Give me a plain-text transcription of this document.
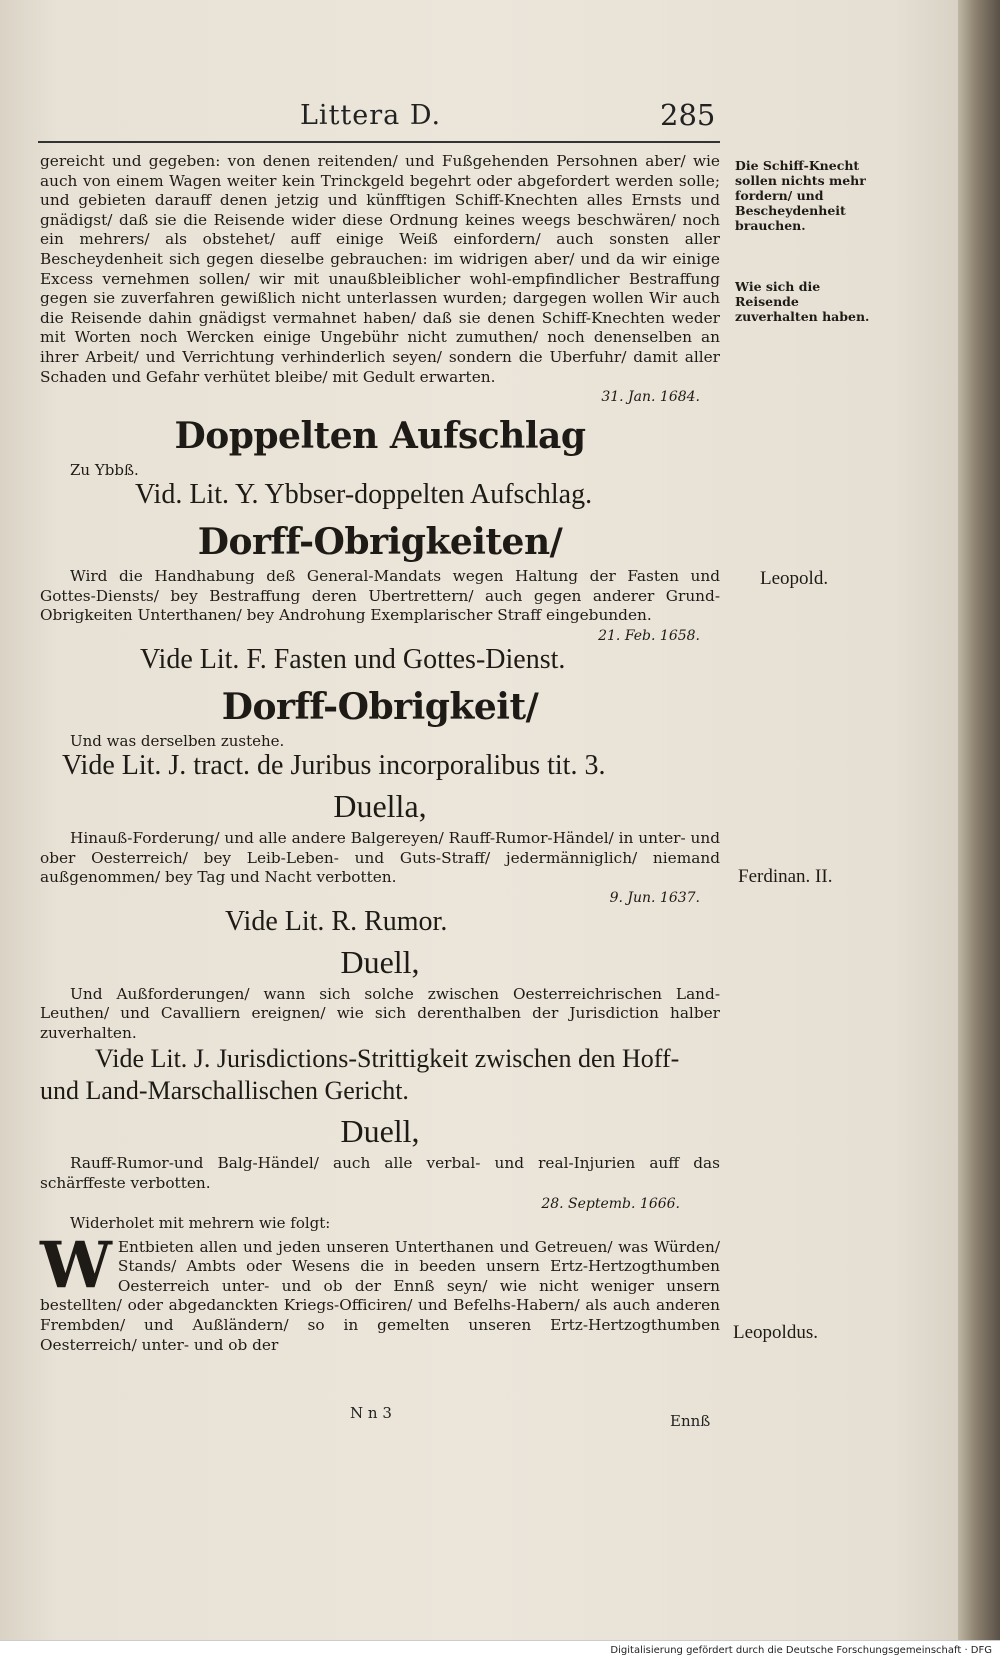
Littera D.	285

gereicht und gegeben: von denen reitenden/ und Fußgehenden Persohnen aber/ wie auch von einem Wagen weiter kein Trinckgeld begehrt oder abgefordert werden solle; und gebieten darauff denen jetzig und künfftigen Schiff-Knechten alles Ernsts und gnädigst/ daß sie die Reisende wider diese Ordnung keines weegs beschwären/ noch ein mehrers/ als obstehet/ auff einige Weiß einfordern/ auch sonsten aller Bescheydenheit sich gegen dieselbe gebrauchen: im widrigen aber/ und da wir einige Excess vernehmen sollen/ wir mit unaußbleiblicher wohl-empfindlicher Bestraffung gegen sie zuverfahren gewißlich nicht unterlassen wurden; dargegen wollen Wir auch die Reisende dahin gnädigst vermahnet haben/ daß sie denen Schiff-Knechten weder mit Worten noch Wercken einige Ungebühr nicht zumuthen/ noch denenselben an ihrer Arbeit/ und Verrichtung verhinderlich seyen/ sondern die Uberfuhr/ damit aller Schaden und Gefahr verhütet bleibe/ mit Gedult erwarten.

31. Jan. 1684.
Doppelten Aufschlag
Zu Ybbß.
Vid. Lit. Y. Ybbser-doppelten Aufschlag.
Dorff-Obrigkeiten/

Wird die Handhabung deß General-Mandats wegen Haltung der Fasten und Gottes-Diensts/ bey Bestraffung deren Ubertrettern/ auch gegen anderer Grund-Obrigkeiten Unterthanen/ bey Androhung Exemplarischer Straff eingebunden.

21. Feb. 1658.
Vide Lit. F. Fasten und Gottes-Dienst.
Dorff-Obrigkeit/
Und was derselben zustehe.
Vide Lit. J. tract. de Juribus incorporalibus tit. 3.
Duella,

Hinauß-Forderung/ und alle andere Balgereyen/ Rauff-Rumor-Händel/ in unter- und ober Oesterreich/ bey Leib-Leben- und Guts-Straff/ jedermänniglich/ niemand außgenommen/ bey Tag und Nacht verbotten.

9. Jun. 1637.
Vide Lit. R. Rumor.
Duell,

Und Außforderungen/ wann sich solche zwischen Oesterreichrischen Land-Leuthen/ und Cavalliern ereignen/ wie sich derenthalben der Jurisdiction halber zuverhalten.

Vide Lit. J. Jurisdictions-Strittigkeit zwischen den Hoff- und Land-Marschallischen Gericht.
Duell,

Rauff-Rumor-und Balg-Händel/ auch alle verbal- und real-Injurien auff das schärffeste verbotten.

28. Septemb. 1666.
Widerholet mit mehrern wie folgt:

W Entbieten allen und jeden unseren Unterthanen und Getreuen/ was Würden/ Stands/ Ambts oder Wesens die in beeden unsern Ertz-Hertzogthumben Oesterreich unter- und ob der Ennß seyn/ wie nicht weniger unsern bestellten/ oder abgedanckten Kriegs-Officiren/ und Befelhs-Habern/ als auch anderen Frembden/ und Außländern/ so in gemelten unseren Ertz-Hertzogthumben Oesterreich/ unter- und ob der

Die Schiff-Knecht sollen nichts mehr fordern/ und Bescheydenheit brauchen.
Wie sich die Reisende zuverhalten haben.
Leopold.
Ferdinan. II.
Leopoldus.
N n 3	Ennß
Digitalisierung gefördert durch die Deutsche Forschungsgemeinschaft · DFG
